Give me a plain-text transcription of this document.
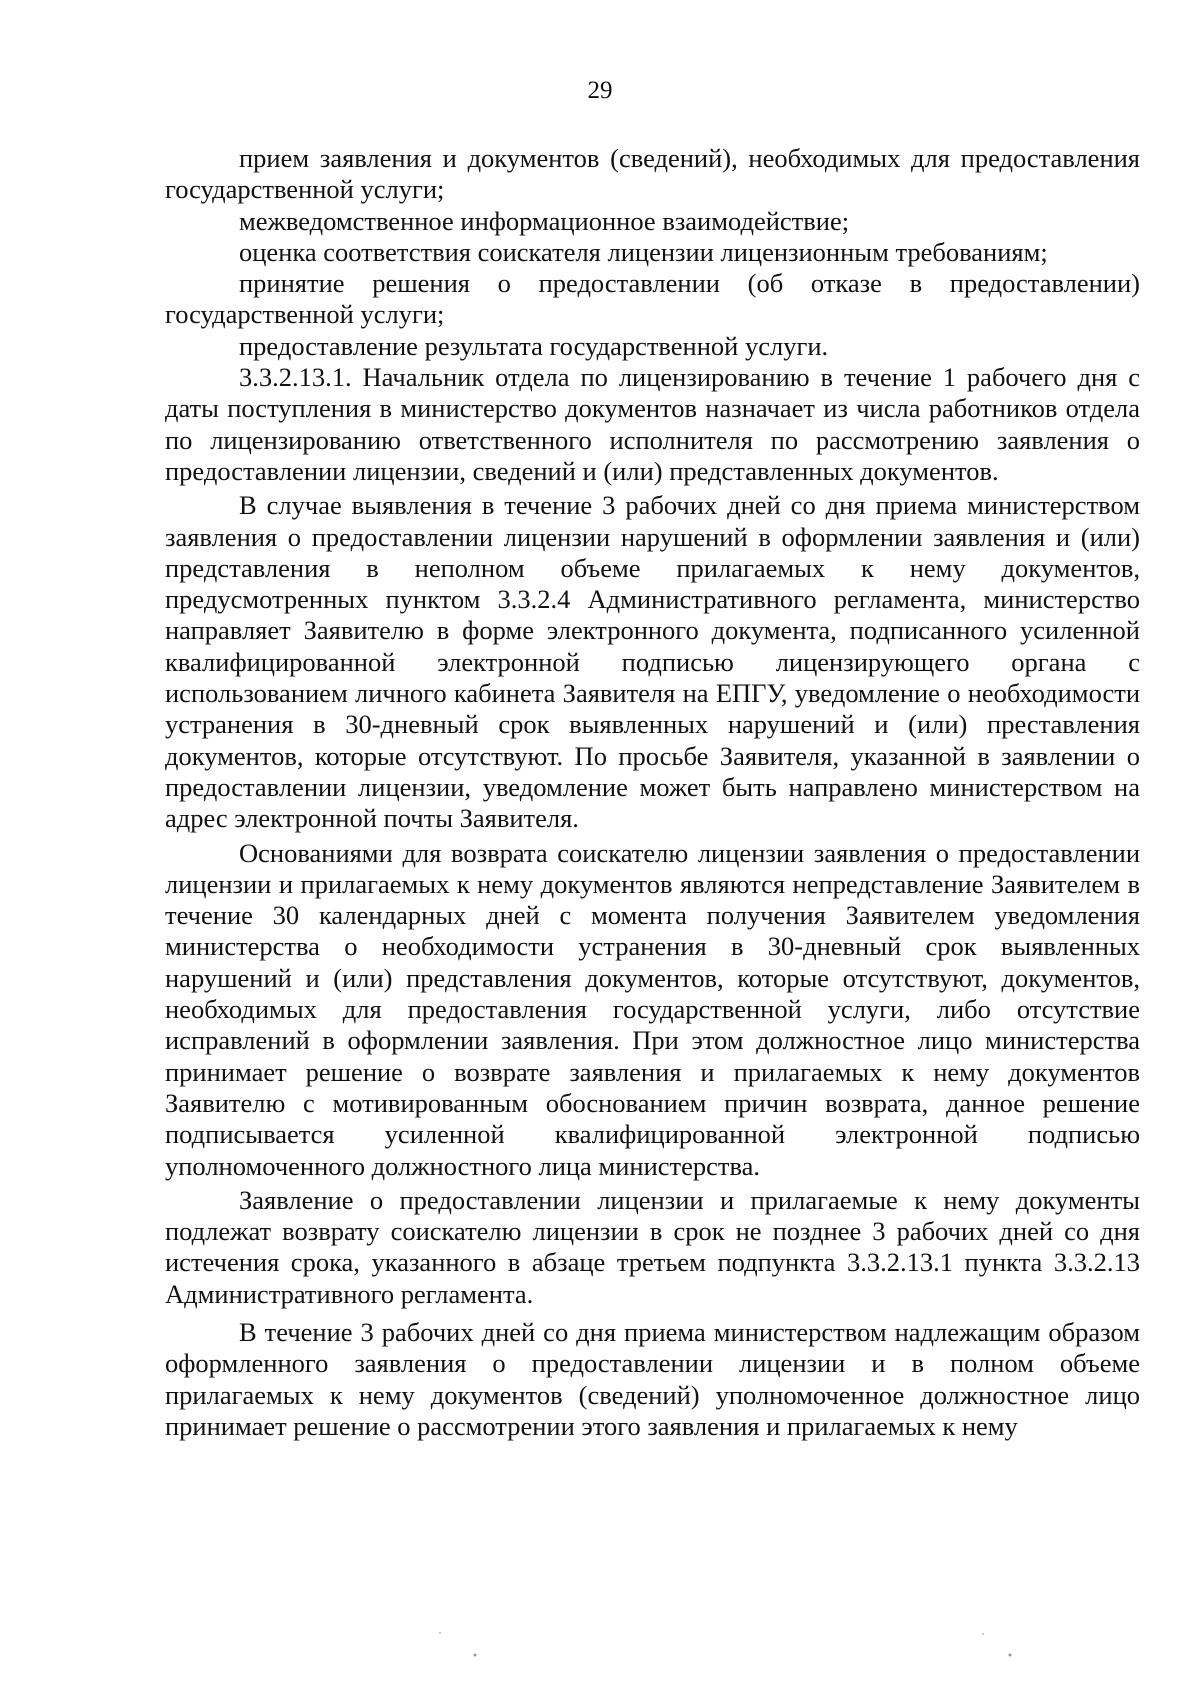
29

прием заявления и документов (сведений), необходимых для предоставления государственной услуги;

межведомственное информационное взаимодействие;

оценка соответствия соискателя лицензии лицензионным требованиям;

принятие решения о предоставлении (об отказе в предоставлении) государственной услуги;

предоставление результата государственной услуги.

3.3.2.13.1. Начальник отдела по лицензированию в течение 1 рабочего дня с даты поступления в министерство документов назначает из числа работников отдела по лицензированию ответственного исполнителя по рассмотрению заявления о предоставлении лицензии, сведений и (или) представленных документов.

В случае выявления в течение 3 рабочих дней со дня приема министерством заявления о предоставлении лицензии нарушений в оформлении заявления и (или) представления в неполном объеме прилагаемых к нему документов, предусмотренных пунктом 3.3.2.4 Административного регламента, министерство направляет Заявителю в форме электронного документа, подписанного усиленной квалифицированной электронной подписью лицензирующего органа с использованием личного кабинета Заявителя на ЕПГУ, уведомление о необходимости устранения в 30-дневный срок выявленных нарушений и (или) преставления документов, которые отсутствуют. По просьбе Заявителя, указанной в заявлении о предоставлении лицензии, уведомление может быть направлено министерством на адрес электронной почты Заявителя.

Основаниями для возврата соискателю лицензии заявления о предоставлении лицензии и прилагаемых к нему документов являются непредставление Заявителем в течение 30 календарных дней с момента получения Заявителем уведомления министерства о необходимости устранения в 30-дневный срок выявленных нарушений и (или) представления документов, которые отсутствуют, документов, необходимых для предоставления государственной услуги, либо отсутствие исправлений в оформлении заявления. При этом должностное лицо министерства принимает решение о возврате заявления и прилагаемых к нему документов Заявителю с мотивированным обоснованием причин возврата, данное решение подписывается усиленной квалифицированной электронной подписью уполномоченного должностного лица министерства.

Заявление о предоставлении лицензии и прилагаемые к нему документы подлежат возврату соискателю лицензии в срок не позднее 3 рабочих дней со дня истечения срока, указанного в абзаце третьем подпункта 3.3.2.13.1 пункта 3.3.2.13 Административного регламента.

В течение 3 рабочих дней со дня приема министерством надлежащим образом оформленного заявления о предоставлении лицензии и в полном объеме прилагаемых к нему документов (сведений) уполномоченное должностное лицо принимает решение о рассмотрении этого заявления и прилагаемых к нему
